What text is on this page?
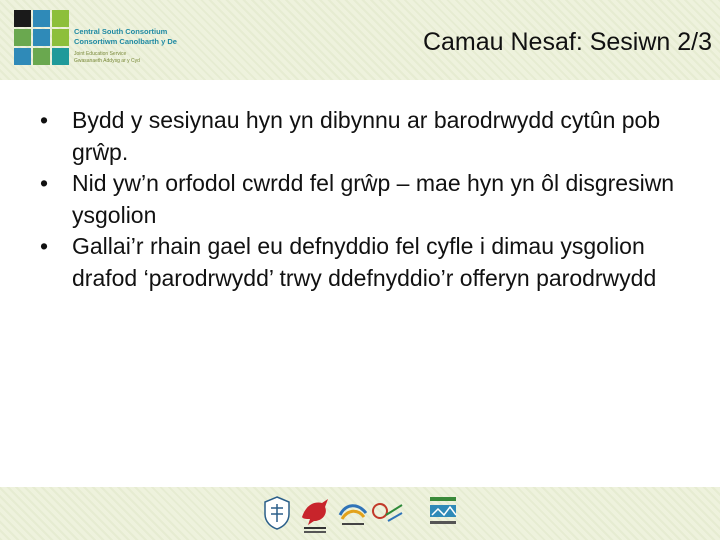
Central South Consortium
Consortiwm Canolbarth y De
Joint Education Service
Gwasanaeth Addysg ar y Cyd
Camau Nesaf: Sesiwn 2/3
• Bydd y sesiynau hyn yn dibynnu ar barodrwydd cytûn pob grŵp.
• Nid yw’n orfodol cwrdd fel grŵp – mae hyn yn ôl disgresiwn ysgolion
• Gallai’r rhain gael eu defnyddio fel cyfle i dimau ysgolion drafod ‘parodrwydd’ trwy ddefnyddio’r offeryn parodrwydd
